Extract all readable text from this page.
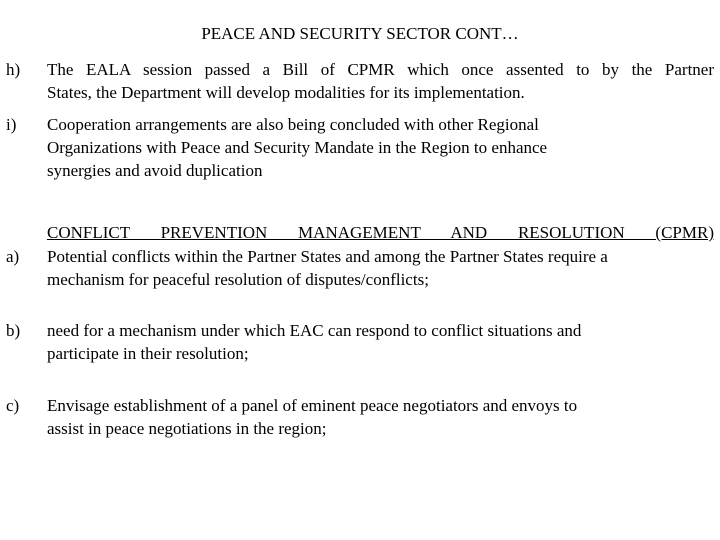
PEACE AND SECURITY SECTOR CONT…
h) The EALA session passed a Bill of CPMR which once assented to by the Partner
States, the Department will develop modalities for its implementation.
i) Cooperation arrangements are also being concluded with other Regional
Organizations with Peace and Security Mandate in the Region to enhance
synergies and avoid duplication
CONFLICT PREVENTION MANAGEMENT AND RESOLUTION (CPMR)
a) Potential conflicts within the Partner States and among the Partner States require a
mechanism for peaceful resolution of disputes/conflicts;
b) need for a mechanism under which EAC can respond to conflict situations and
participate in their resolution;
c) Envisage establishment of a panel of eminent peace negotiators and envoys to
assist in peace negotiations in the region;
